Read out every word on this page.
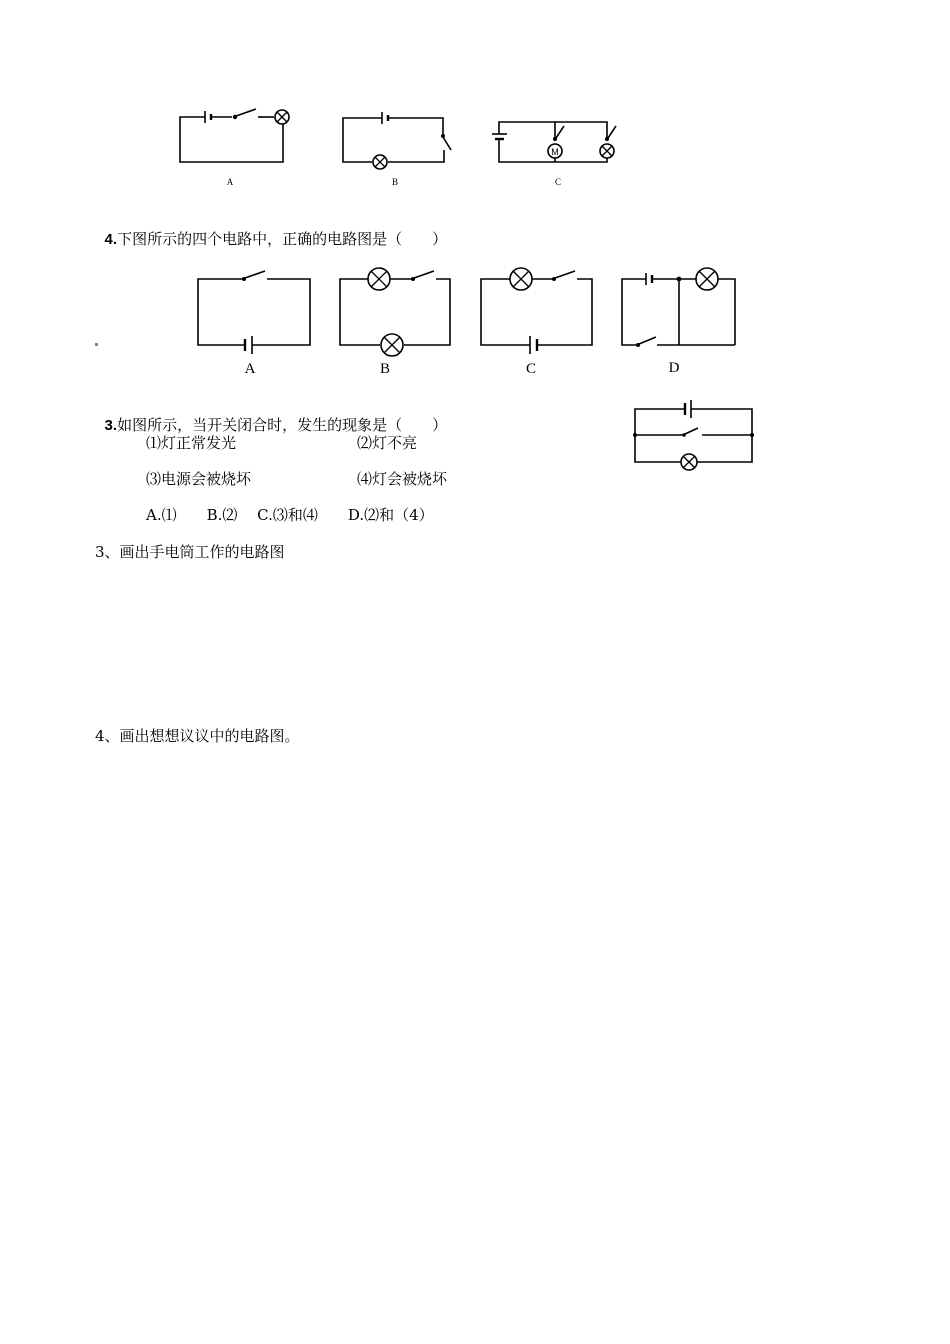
A	B
M
C

4.下图所示的四个电路中，正确的电路图是（　　）

A	B	C	D

3.如图所示，当开关闭合时，发生的现象是（　　）

⑴灯正常发光	⑵灯不亮
⑶电源会被烧坏	⑷灯会被烧坏
A.⑴　　B.⑵　 C.⑶和⑷　　D.⑵和（4）
3、画出手电筒工作的电路图
4、画出想想议议中的电路图。
